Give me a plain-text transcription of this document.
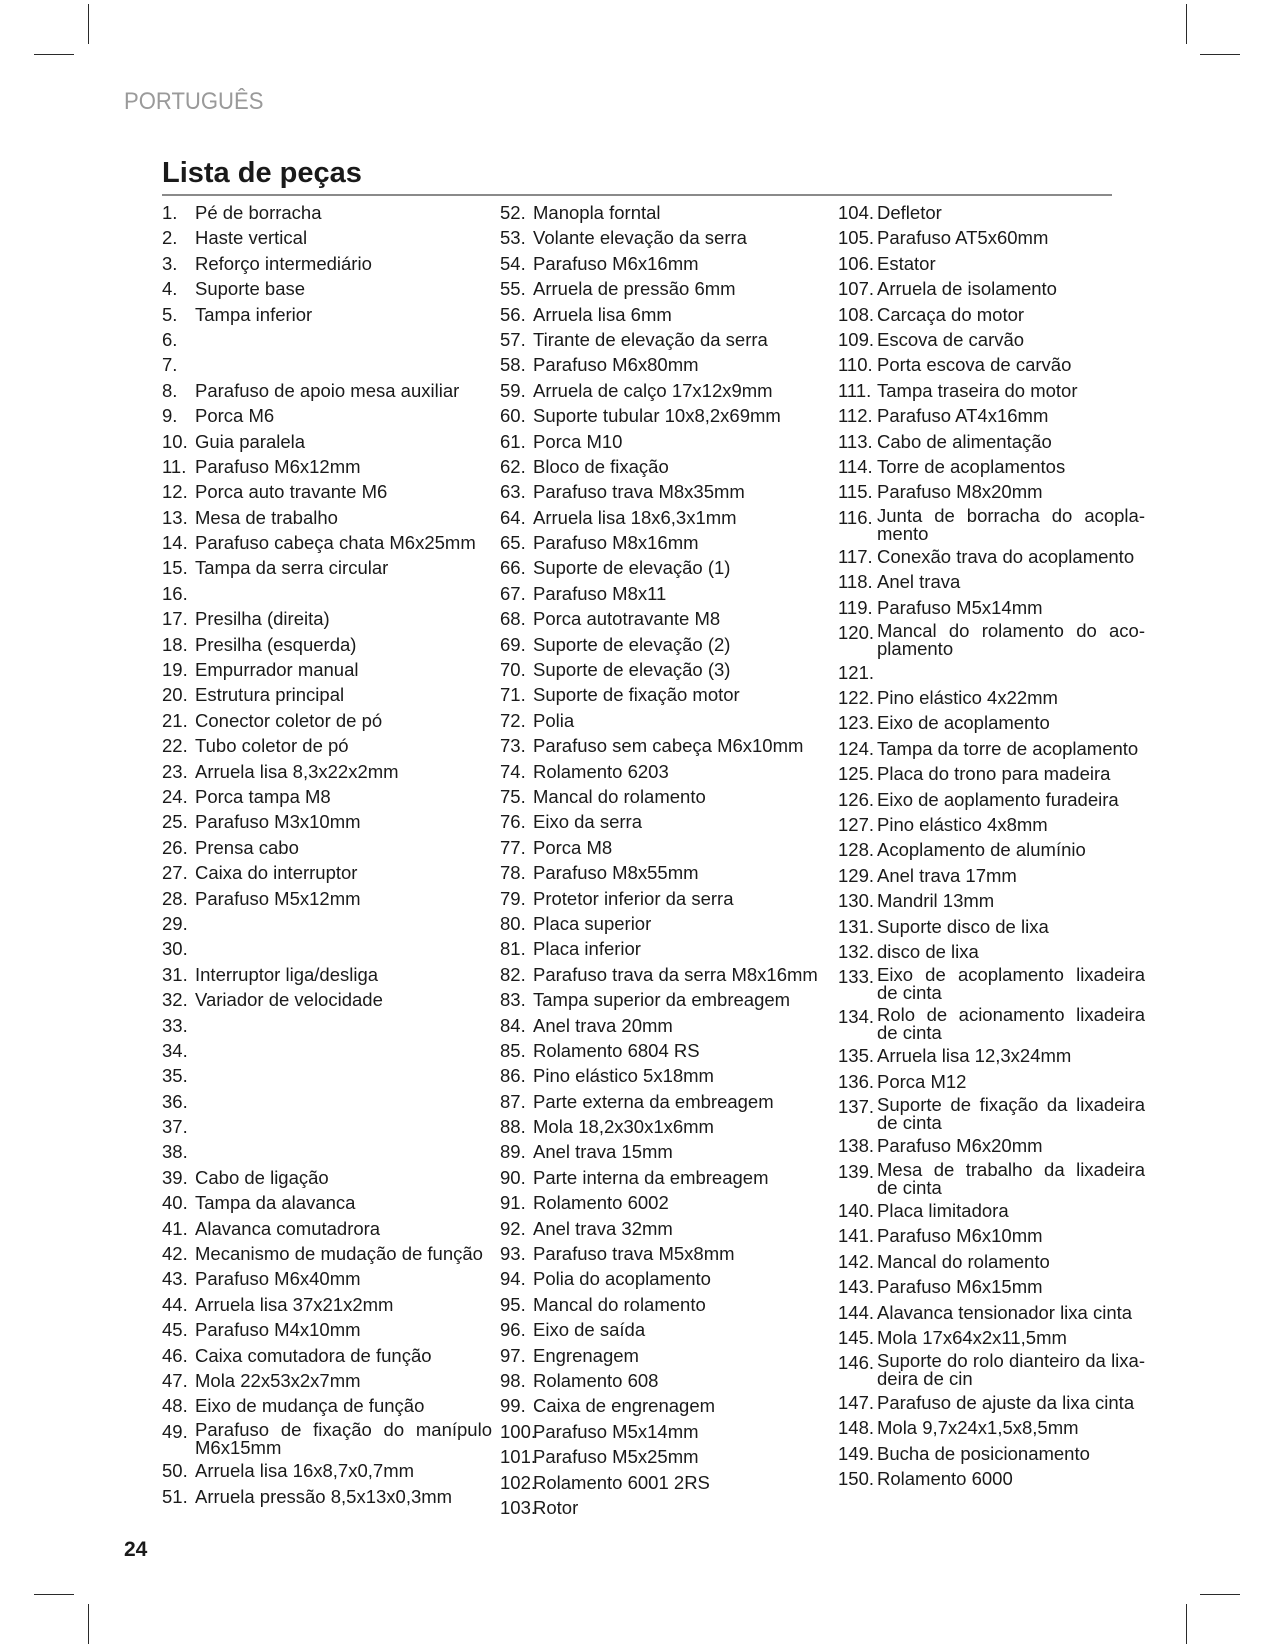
PORTUGUÊS
Lista de peças
1. Pé de borracha
2. Haste vertical
3. Reforço intermediário
4. Suporte base
5. Tampa inferior
6.
7.
8. Parafuso de apoio mesa auxiliar
9. Porca M6
10. Guia paralela
11. Parafuso M6x12mm
12. Porca auto travante M6
13. Mesa de trabalho
14. Parafuso cabeça chata M6x25mm
15. Tampa da serra circular
16.
17. Presilha (direita)
18. Presilha (esquerda)
19. Empurrador manual
20. Estrutura principal
21. Conector coletor de pó
22. Tubo coletor de pó
23. Arruela lisa 8,3x22x2mm
24. Porca tampa M8
25. Parafuso M3x10mm
26. Prensa cabo
27. Caixa do interruptor
28. Parafuso M5x12mm
29.
30.
31. Interruptor liga/desliga
32. Variador de velocidade
33.
34.
35.
36.
37.
38.
39. Cabo de ligação
40. Tampa da alavanca
41. Alavanca comutadrora
42. Mecanismo de mudação de função
43. Parafuso M6x40mm
44. Arruela lisa 37x21x2mm
45. Parafuso M4x10mm
46. Caixa comutadora de função
47. Mola 22x53x2x7mm
48. Eixo de mudança de função
49. Parafuso de fixação do manípulo M6x15mm
50. Arruela lisa 16x8,7x0,7mm
51. Arruela pressão 8,5x13x0,3mm
52. Manopla forntal
53. Volante elevação da serra
54. Parafuso M6x16mm
55. Arruela de pressão 6mm
56. Arruela lisa 6mm
57. Tirante de elevação da serra
58. Parafuso M6x80mm
59. Arruela de calço 17x12x9mm
60. Suporte tubular 10x8,2x69mm
61. Porca M10
62. Bloco de fixação
63. Parafuso trava M8x35mm
64. Arruela lisa 18x6,3x1mm
65. Parafuso M8x16mm
66. Suporte de elevação (1)
67. Parafuso M8x11
68. Porca autotravante M8
69. Suporte de elevação (2)
70. Suporte de elevação (3)
71. Suporte de fixação motor
72. Polia
73. Parafuso sem cabeça M6x10mm
74. Rolamento 6203
75. Mancal do rolamento
76. Eixo da serra
77. Porca M8
78. Parafuso M8x55mm
79. Protetor inferior da serra
80. Placa superior
81. Placa inferior
82. Parafuso trava da serra M8x16mm
83. Tampa superior da embreagem
84. Anel trava 20mm
85. Rolamento 6804 RS
86. Pino elástico 5x18mm
87. Parte externa da embreagem
88. Mola 18,2x30x1x6mm
89. Anel trava 15mm
90. Parte interna da embreagem
91. Rolamento 6002
92. Anel trava 32mm
93. Parafuso trava M5x8mm
94. Polia do acoplamento
95. Mancal do rolamento
96. Eixo de saída
97. Engrenagem
98. Rolamento 608
99. Caixa de engrenagem
100.
Parafuso M5x14mm
101.
Parafuso M5x25mm
102.
Rolamento 6001 2RS
103.
Rotor
104. Defletor
105. Parafuso AT5x60mm
106. Estator
107. Arruela de isolamento
108. Carcaça do motor
109. Escova de carvão
110. Porta escova de carvão
111. Tampa traseira do motor
112. Parafuso AT4x16mm
113. Cabo de alimentação
114. Torre de acoplamentos
115. Parafuso M8x20mm
116. Junta de borracha do acopla-mento
117. Conexão trava do acoplamento
118. Anel trava
119. Parafuso M5x14mm
120. Mancal do rolamento do aco-plamento
121.
122. Pino elástico 4x22mm
123. Eixo de acoplamento
124. Tampa da torre de acoplamento
125. Placa do trono para madeira
126. Eixo de aoplamento furadeira
127. Pino elástico 4x8mm
128. Acoplamento de alumínio
129. Anel trava 17mm
130. Mandril 13mm
131. Suporte disco de lixa
132. disco de lixa
133. Eixo de acoplamento lixadeira de cinta
134. Rolo de acionamento lixadeira de cinta
135. Arruela lisa 12,3x24mm
136. Porca M12
137. Suporte de fixação da lixadeira de cinta
138. Parafuso M6x20mm
139. Mesa de trabalho da lixadeira de cinta
140. Placa limitadora
141. Parafuso M6x10mm
142. Mancal do rolamento
143. Parafuso M6x15mm
144. Alavanca tensionador lixa cinta
145. Mola 17x64x2x11,5mm
146. Suporte do rolo dianteiro da lixa-deira de cin
147. Parafuso de ajuste da lixa cinta
148. Mola 9,7x24x1,5x8,5mm
149. Bucha de posicionamento
150. Rolamento 6000
24
